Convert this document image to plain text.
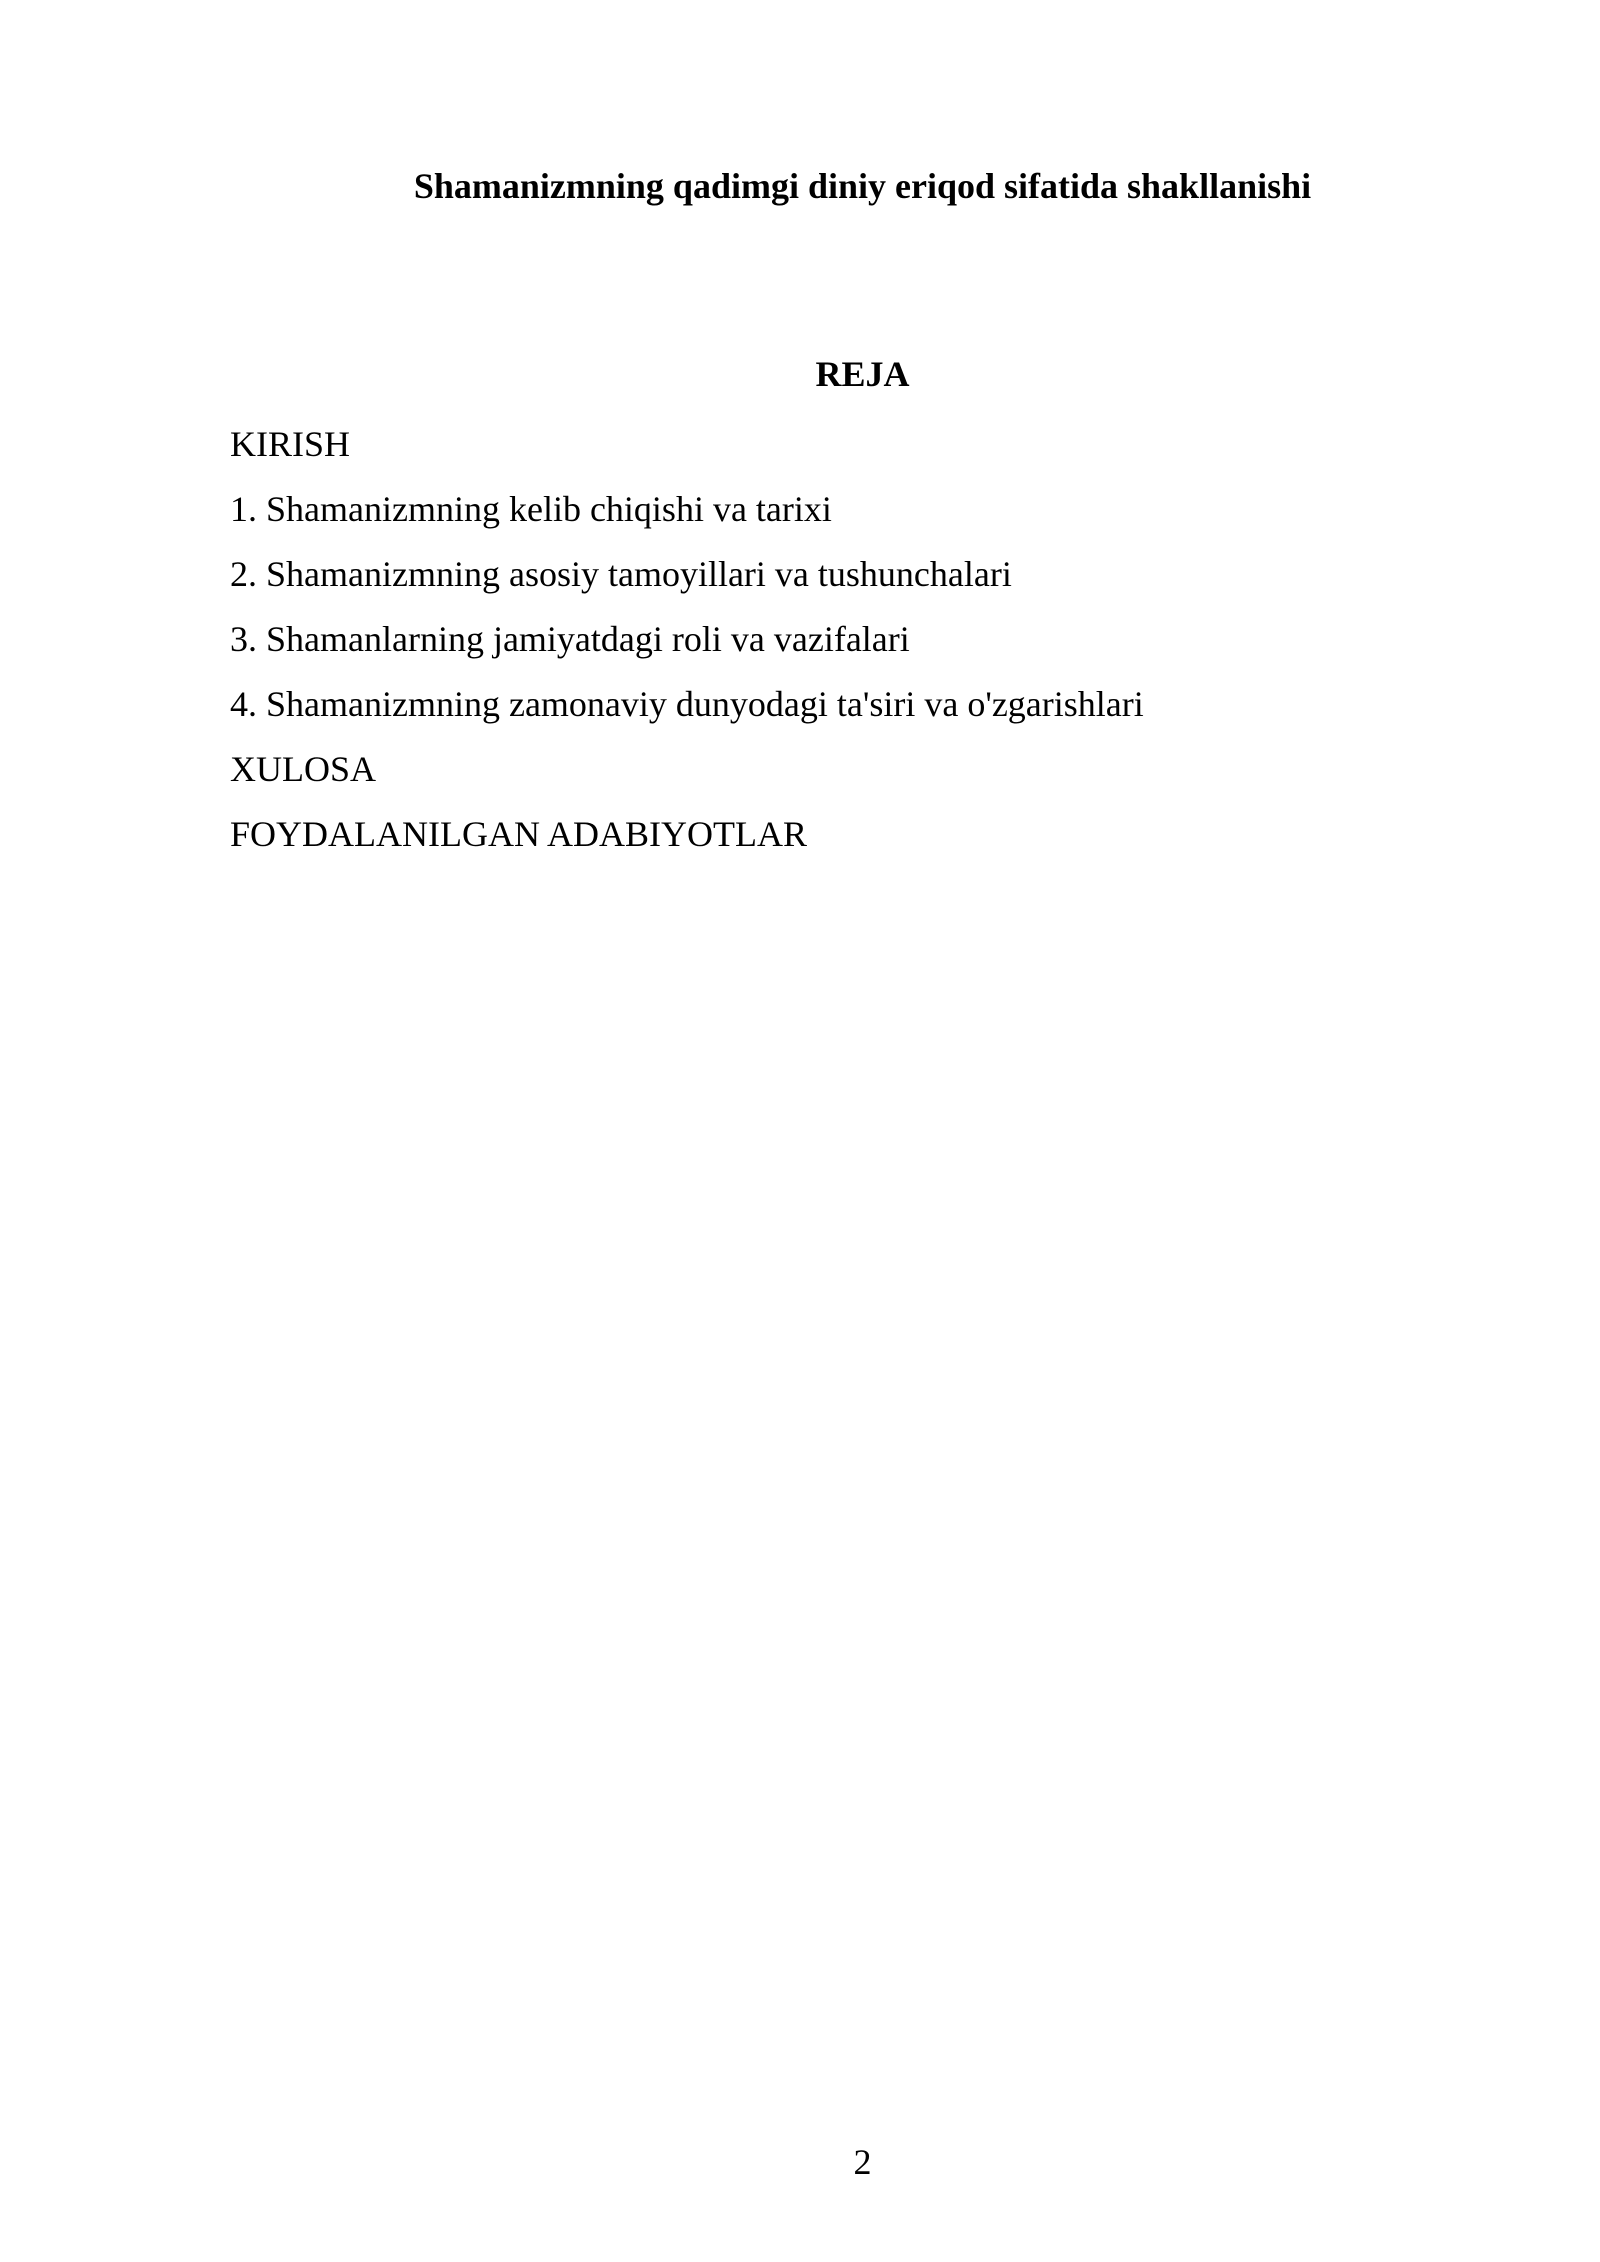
Shamanizmning qadimgi diniy eriqod sifatida shakllanishi
REJA
KIRISH
1. Shamanizmning kelib chiqishi va tarixi
2. Shamanizmning asosiy tamoyillari va tushunchalari
3. Shamanlarning jamiyatdagi roli va vazifalari
4. Shamanizmning zamonaviy dunyodagi ta'siri va o'zgarishlari
XULOSA
FOYDALANILGAN ADABIYOTLAR
2
